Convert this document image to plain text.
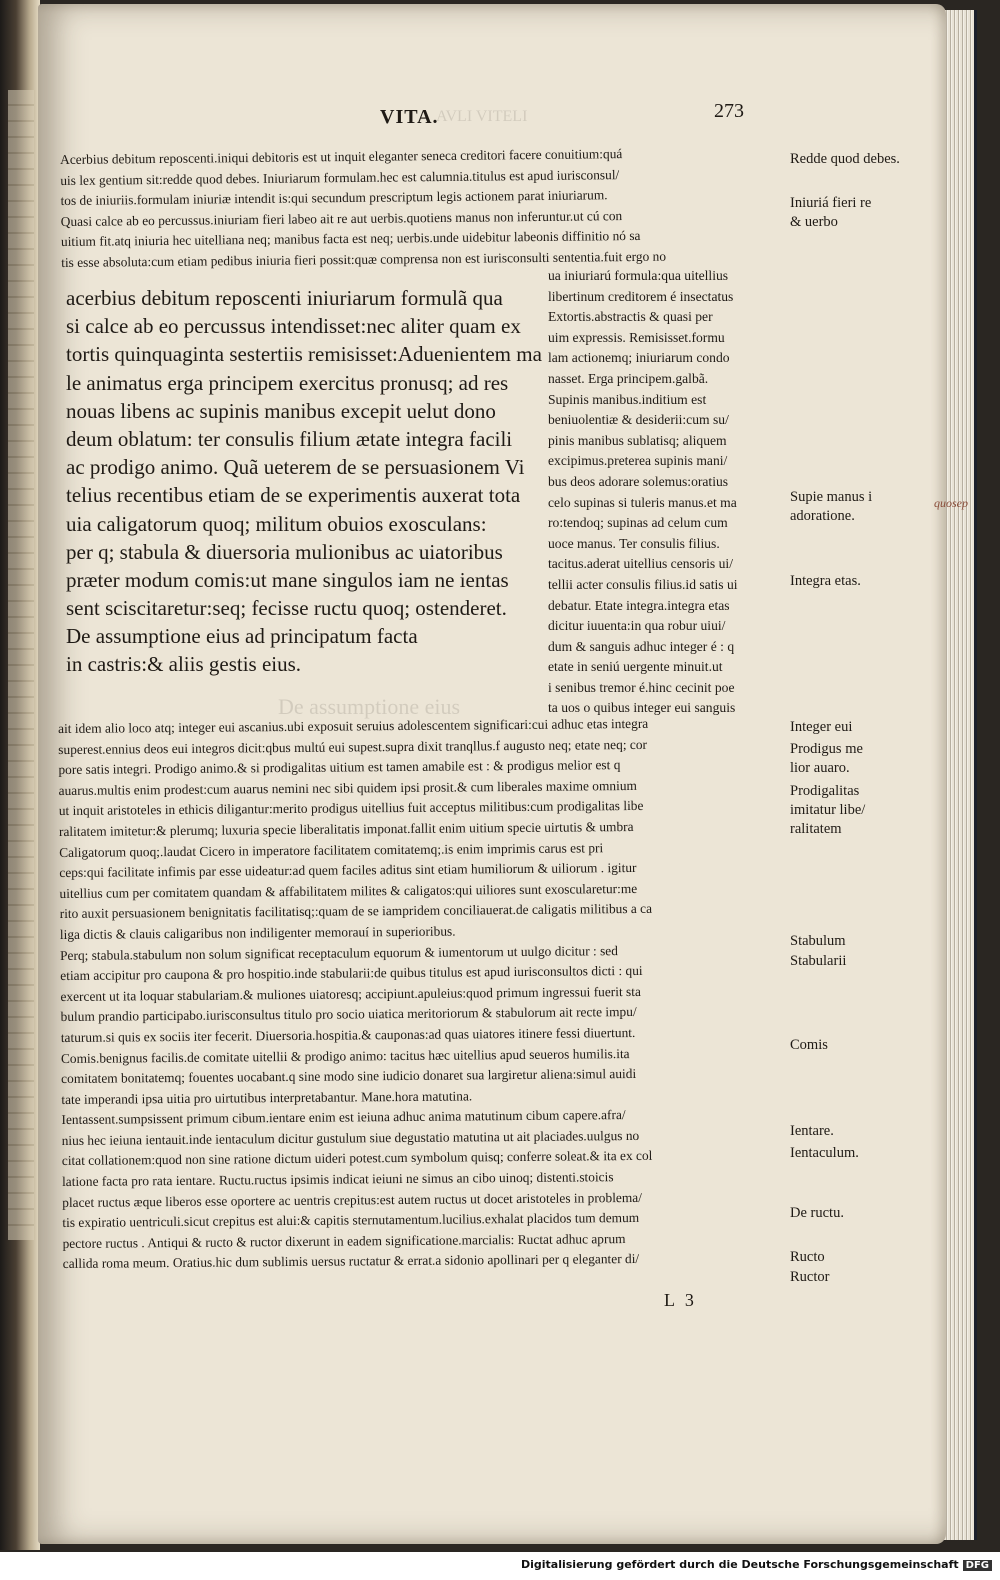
AVLI VITELI
De assumptione eius
VITA.	273
Acerbius debitum reposcenti.iniqui debitoris est ut inquit eleganter seneca creditori facere conuitium:quá
uis lex gentium sit:redde quod debes. Iniuriarum formulam.hec est calumnia.titulus est apud iurisconsul/
tos de iniuriis.formulam iniuriæ intendit is:qui secundum prescriptum legis actionem parat iniuriarum.
Quasi calce ab eo percussus.iniuriam fieri labeo ait re aut uerbis.quotiens manus non inferuntur.ut cú con
uitium fit.atq iniuria hec uitelliana neq; manibus facta est neq; uerbis.unde uidebitur labeonis diffinitio nó sa
tis esse absoluta:cum etiam pedibus iniuria fieri possit:quæ comprensa non est iurisconsulti sententia.fuit ergo no
acerbius debitum reposcenti iniuriarum formulã qua
si calce ab eo percussus intendisset:nec aliter quam ex
tortis quinquaginta sestertiis remisisset:Aduenientem ma
le animatus erga principem exercitus pronusq; ad res
nouas libens ac supinis manibus excepit uelut dono
deum oblatum: ter consulis filium ætate integra facili
ac prodigo animo. Quã ueterem de se persuasionem Vi
telius recentibus etiam de se experimentis auxerat tota
uia caligatorum quoq; militum obuios exosculans:
per q; stabula & diuersoria mulionibus ac uiatoribus
præter modum comis:ut mane singulos iam ne ientas
sent sciscitaretur:seq; fecisse ructu quoq; ostenderet.
De assumptione eius ad principatum facta
in castris:& aliis gestis eius.
ua iniuriarú formula:qua uitellius
libertinum creditorem é insectatus
Extortis.abstractis & quasi per
uim expressis. Remisisset.formu
lam actionemq; iniuriarum condo
nasset. Erga principem.galbã.
Supinis manibus.inditium est
beniuolentiæ & desiderii:cum su/
pinis manibus sublatisq; aliquem
excipimus.preterea supinis mani/
bus deos adorare solemus:oratius
celo supinas si tuleris manus.et ma
ro:tendoq; supinas ad celum cum
uoce manus. Ter consulis filius.
tacitus.aderat uitellius censoris ui/
tellii acter consulis filius.id satis ui
debatur. Etate integra.integra etas
dicitur iuuenta:in qua robur uiui/
dum & sanguis adhuc integer é : q
etate in seniú uergente minuit.ut
i senibus tremor é.hinc cecinit poe
ta uos o quibus integer eui sanguis
ait idem alio loco atq; integer eui ascanius.ubi exposuit seruius adolescentem significari:cui adhuc etas integra
superest.ennius deos eui integros dicit:qbus multú eui supest.supra dixit tranqllus.f augusto neq; etate neq; cor
pore satis integri. Prodigo animo.& si prodigalitas uitium est tamen amabile est : & prodigus melior est q
auarus.multis enim prodest:cum auarus nemini nec sibi quidem ipsi prosit.& cum liberales maxime omnium
ut inquit aristoteles in ethicis diligantur:merito prodigus uitellius fuit acceptus militibus:cum prodigalitas libe
ralitatem imitetur:& plerumq; luxuria specie liberalitatis imponat.fallit enim uitium specie uirtutis & umbra
Caligatorum quoq;.laudat Cicero in imperatore facilitatem comitatemq;.is enim imprimis carus est pri
ceps:qui facilitate infimis par esse uideatur:ad quem faciles aditus sint etiam humiliorum & uiliorum . igitur
uitellius cum per comitatem quandam & affabilitatem milites & caligatos:qui uiliores sunt exoscularetur:me
rito auxit persuasionem benignitatis facilitatisq;:quam de se iampridem conciliauerat.de caligatis militibus a ca
liga dictis & clauis caligaribus non indiligenter memorauí in superioribus.
Perq; stabula.stabulum non solum significat receptaculum equorum & iumentorum ut uulgo dicitur : sed
etiam accipitur pro caupona & pro hospitio.inde stabularii:de quibus titulus est apud iurisconsultos dicti : qui
exercent ut ita loquar stabulariam.& muliones uiatoresq; accipiunt.apuleius:quod primum ingressui fuerit sta
bulum prandio participabo.iurisconsultus titulo pro socio uiatica meritoriorum & stabulorum ait recte impu/
taturum.si quis ex sociis iter fecerit. Diuersoria.hospitia.& cauponas:ad quas uiatores itinere fessi diuertunt.
Comis.benignus facilis.de comitate uitellii & prodigo animo: tacitus hæc uitellius apud seueros humilis.ita
comitatem bonitatemq; fouentes uocabant.q sine modo sine iudicio donaret sua largiretur aliena:simul auidi
tate imperandi ipsa uitia pro uirtutibus interpretabantur. Mane.hora matutina.
Ientassent.sumpsissent primum cibum.ientare enim est ieiuna adhuc anima matutinum cibum capere.afra/
nius hec ieiuna ientauit.inde ientaculum dicitur gustulum siue degustatio matutina ut ait placiades.uulgus no
citat collationem:quod non sine ratione dictum uideri potest.cum symbolum quisq; conferre soleat.& ita ex col
latione facta pro rata ientare. Ructu.ructus ipsimis indicat ieiuni ne simus an cibo uinoq; distenti.stoicis
placet ructus æque liberos esse oportere ac uentris crepitus:est autem ructus ut docet aristoteles in problema/
tis expiratio uentriculi.sicut crepitus est alui:& capitis sternutamentum.lucilius.exhalat placidos tum demum
pectore ructus . Antiqui & ructo & ructor dixerunt in eadem significatione.marcialis: Ructat adhuc aprum
callida roma meum. Oratius.hic dum sublimis uersus ructatur & errat.a sidonio apollinari per q eleganter di/
Redde quod debes.
Iniuriá fieri re & uerbo
Supie manus i adoratione.
Integra etas.
Integer eui
Prodigus me lior auaro.
Prodigalitas imitatur libe/ ralitatem
Stabulum
Stabularii
Comis
Ientare.
Ientaculum.
De ructu.
Ructo
Ructor
quosep
L 3
Digitalisierung gefördert durch die Deutsche Forschungsgemeinschaft DFG
